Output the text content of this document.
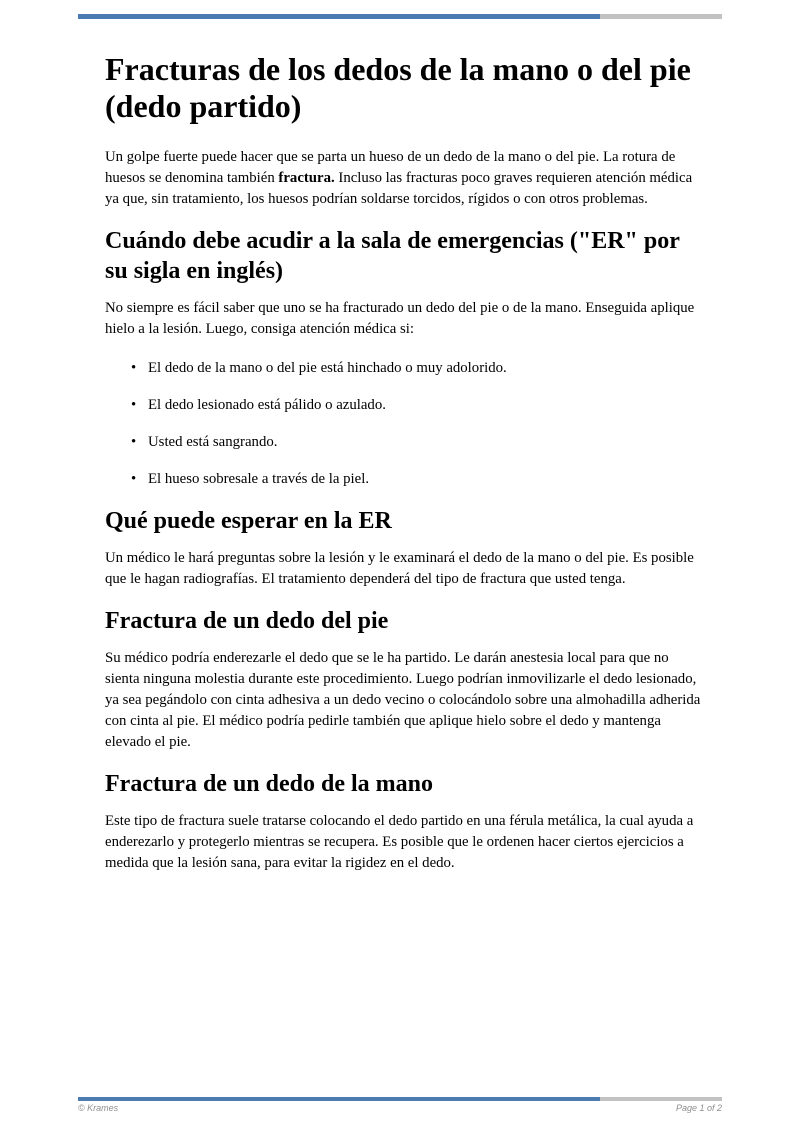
Fracturas de los dedos de la mano o del pie (dedo partido)

Un golpe fuerte puede hacer que se parta un hueso de un dedo de la mano o del pie. La rotura de huesos se denomina también fractura. Incluso las fracturas poco graves requieren atención médica ya que, sin tratamiento, los huesos podrían soldarse torcidos, rígidos o con otros problemas.

Cuándo debe acudir a la sala de emergencias ("ER" por su sigla en inglés)

No siempre es fácil saber que uno se ha fracturado un dedo del pie o de la mano. Enseguida aplique hielo a la lesión. Luego, consiga atención médica si:

• El dedo de la mano o del pie está hinchado o muy adolorido.
• El dedo lesionado está pálido o azulado.
• Usted está sangrando.
• El hueso sobresale a través de la piel.
Qué puede esperar en la ER

Un médico le hará preguntas sobre la lesión y le examinará el dedo de la mano o del pie. Es posible que le hagan radiografías. El tratamiento dependerá del tipo de fractura que usted tenga.

Fractura de un dedo del pie

Su médico podría enderezarle el dedo que se le ha partido. Le darán anestesia local para que no sienta ninguna molestia durante este procedimiento. Luego podrían inmovilizarle el dedo lesionado, ya sea pegándolo con cinta adhesiva a un dedo vecino o colocándolo sobre una almohadilla adherida con cinta al pie. El médico podría pedirle también que aplique hielo sobre el dedo y mantenga elevado el pie.

Fractura de un dedo de la mano

Este tipo de fractura suele tratarse colocando el dedo partido en una férula metálica, la cual ayuda a enderezarlo y protegerlo mientras se recupera. Es posible que le ordenen hacer ciertos ejercicios a medida que la lesión sana, para evitar la rigidez en el dedo.

© Krames	Page 1 of 2
